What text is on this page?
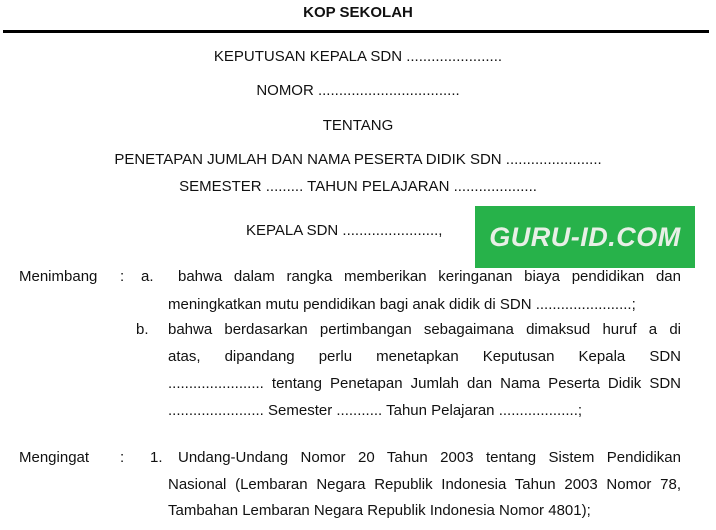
KOP SEKOLAH
KEPUTUSAN KEPALA SDN .......................
NOMOR ..................................
TENTANG
PENETAPAN JUMLAH DAN NAMA PESERTA DIDIK SDN .......................
SEMESTER ......... TAHUN PELAJARAN ....................
KEPALA SDN ......................., GURU-ID.COM
Menimbang : a. bahwa dalam rangka memberikan keringanan biaya pendidikan dan
meningkatkan mutu pendidikan bagi anak didik di SDN .......................;
b. bahwa berdasarkan pertimbangan sebagaimana dimaksud huruf a di
atas, dipandang perlu menetapkan Keputusan Kepala SDN
....................... tentang Penetapan Jumlah dan Nama Peserta Didik SDN
....................... Semester ........... Tahun Pelajaran ...................;
Mengingat : 1. Undang-Undang Nomor 20 Tahun 2003 tentang Sistem Pendidikan
Nasional (Lembaran Negara Republik Indonesia Tahun 2003 Nomor 78,
Tambahan Lembaran Negara Republik Indonesia Nomor 4801);
